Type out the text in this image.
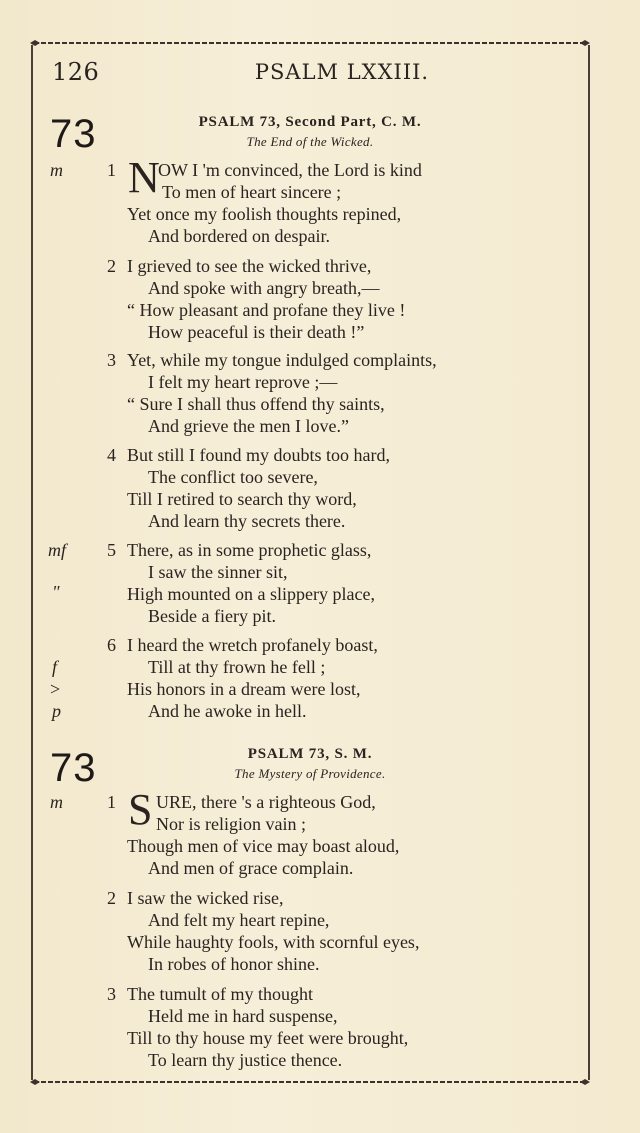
126	PSALM LXXIII.
73	PSALM 73, Second Part, C. M.
The End of the Wicked.
m 1 N
OW I 'm convinced, the Lord is kind
To men of heart sincere ;
Yet once my foolish thoughts repined,
And bordered on despair.
2 I grieved to see the wicked thrive,
And spoke with angry breath,—
“ How pleasant and profane they live !
How peaceful is their death !”
3 Yet, while my tongue indulged complaints,
I felt my heart reprove ;—
“ Sure I shall thus offend thy saints,
And grieve the men I love.”
4 But still I found my doubts too hard,
The conflict too severe,
Till I retired to search thy word,
And learn thy secrets there.
mf
"
5 There, as in some prophetic glass,
I saw the sinner sit,
High mounted on a slippery place,
Beside a fiery pit.
6
f
>
p
I heard the wretch profanely boast,
Till at thy frown he fell ;
His honors in a dream were lost,
And he awoke in hell.
73	PSALM 73, S. M.
The Mystery of Providence.
m 1 S URE, there 's a righteous God,
Nor is religion vain ;
Though men of vice may boast aloud,
And men of grace complain.
2 I saw the wicked rise,
And felt my heart repine,
While haughty fools, with scornful eyes,
In robes of honor shine.
3 The tumult of my thought
Held me in hard suspense,
Till to thy house my feet were brought,
To learn thy justice thence.
